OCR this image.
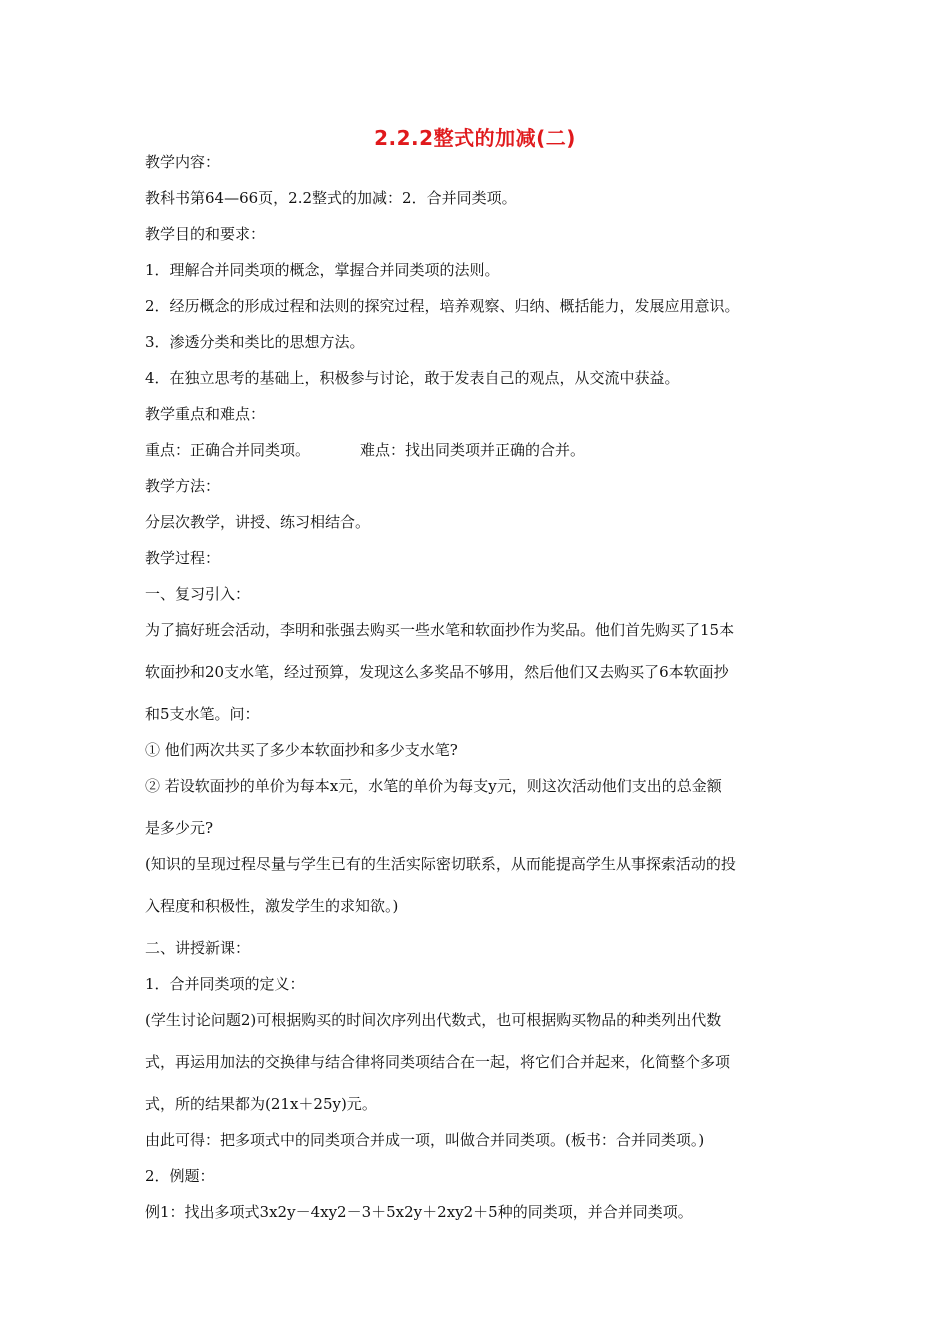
2.2.2整式的加减(二)
教学内容：
教科书第64—66页，2.2整式的加减：2．合并同类项。
教学目的和要求：
1．理解合并同类项的概念，掌握合并同类项的法则。
2．经历概念的形成过程和法则的探究过程，培养观察、归纳、概括能力，发展应用意识。
3．渗透分类和类比的思想方法。
4．在独立思考的基础上，积极参与讨论，敢于发表自己的观点，从交流中获益。
教学重点和难点：
重点：正确合并同类项。	难点：找出同类项并正确的合并。
教学方法：
分层次教学，讲授、练习相结合。
教学过程：
一、复习引入：
为了搞好班会活动，李明和张强去购买一些水笔和软面抄作为奖品。他们首先购买了15本
软面抄和20支水笔，经过预算，发现这么多奖品不够用，然后他们又去购买了6本软面抄
和5支水笔。问：
① 他们两次共买了多少本软面抄和多少支水笔?
② 若设软面抄的单价为每本x元，水笔的单价为每支y元，则这次活动他们支出的总金额
是多少元?
(知识的呈现过程尽量与学生已有的生活实际密切联系，从而能提高学生从事探索活动的投
入程度和积极性，激发学生的求知欲。)
二、讲授新课：
1．合并同类项的定义：
(学生讨论问题2)可根据购买的时间次序列出代数式，也可根据购买物品的种类列出代数
式，再运用加法的交换律与结合律将同类项结合在一起，将它们合并起来，化简整个多项
式，所的结果都为(21x＋25y)元。
由此可得：把多项式中的同类项合并成一项，叫做合并同类项。(板书：合并同类项。)
2．例题：
例1：找出多项式3x2y－4xy2－3＋5x2y＋2xy2＋5种的同类项，并合并同类项。
